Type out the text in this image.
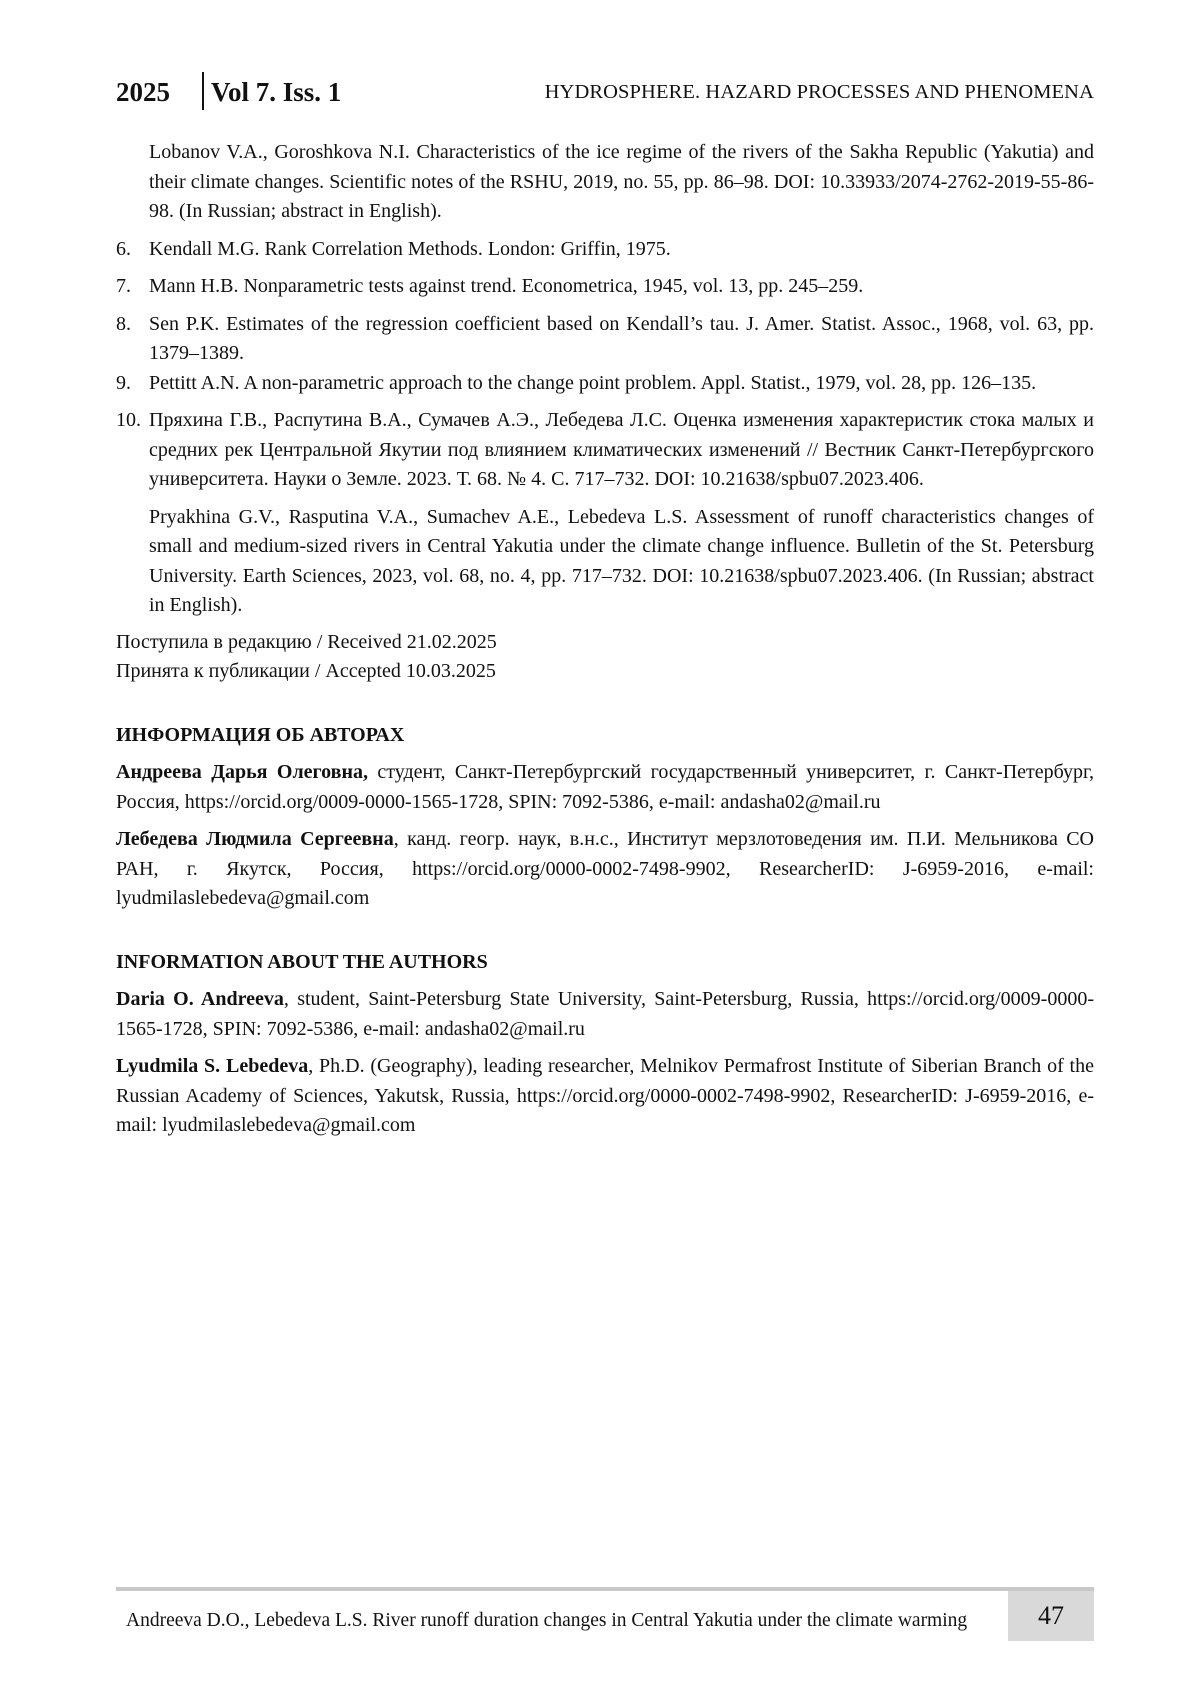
2025 Vol 7. Iss. 1	HYDROSPHERE. HAZARD PROCESSES AND PHENOMENA
Lobanov V.A., Goroshkova N.I. Characteristics of the ice regime of the rivers of the Sakha Republic (Yakutia) and their climate changes. Scientific notes of the RSHU, 2019, no. 55, pp. 86–98. DOI: 10.33933/2074-2762-2019-55-86-98. (In Russian; abstract in English).
6. Kendall M.G. Rank Correlation Methods. London: Griffin, 1975.
7. Mann H.B. Nonparametric tests against trend. Econometrica, 1945, vol. 13, pp. 245–259.
8. Sen P.K. Estimates of the regression coefficient based on Kendall’s tau. J. Amer. Statist. Assoc., 1968, vol. 63, pp. 1379–1389.
9. Pettitt A.N. A non-parametric approach to the change point problem. Appl. Statist., 1979, vol. 28, pp. 126–135.
10. Пряхина Г.В., Распутина В.А., Сумачев А.Э., Лебедева Л.С. Оценка изменения характеристик стока малых и средних рек Центральной Якутии под влиянием климатических изменений // Вестник Санкт-Петербургского университета. Науки о Земле. 2023. Т. 68. № 4. С. 717–732. DOI: 10.21638/spbu07.2023.406.
Pryakhina G.V., Rasputina V.A., Sumachev A.E., Lebedeva L.S. Assessment of runoff characteristics changes of small and medium-sized rivers in Central Yakutia under the climate change influence. Bulletin of the St. Petersburg University. Earth Sciences, 2023, vol. 68, no. 4, pp. 717–732. DOI: 10.21638/spbu07.2023.406. (In Russian; abstract in English).
Поступила в редакцию / Received 21.02.2025
Принята к публикации / Accepted 10.03.2025
ИНФОРМАЦИЯ ОБ АВТОРАХ
Андреева Дарья Олеговна, студент, Санкт-Петербургский государственный университет, г. Санкт-Петербург, Россия, https://orcid.org/0009-0000-1565-1728, SPIN: 7092-5386, e-mail: andasha02@mail.ru
Лебедева Людмила Сергеевна, канд. геогр. наук, в.н.с., Институт мерзлотоведения им. П.И. Мельникова СО РАН, г. Якутск, Россия, https://orcid.org/0000-0002-7498-9902, ResearcherID: J-6959-2016, e-mail: lyudmilaslebedeva@gmail.com
INFORMATION ABOUT THE AUTHORS
Daria O. Andreeva, student, Saint-Petersburg State University, Saint-Petersburg, Russia, https://orcid.org/0009-0000-1565-1728, SPIN: 7092-5386, e-mail: andasha02@mail.ru
Lyudmila S. Lebedeva, Ph.D. (Geography), leading researcher, Melnikov Permafrost Institute of Siberian Branch of the Russian Academy of Sciences, Yakutsk, Russia, https://orcid.org/0000-0002-7498-9902, ResearcherID: J-6959-2016, e-mail: lyudmilaslebedeva@gmail.com
Andreeva D.O., Lebedeva L.S. River runoff duration changes in Central Yakutia under the climate warming	47
